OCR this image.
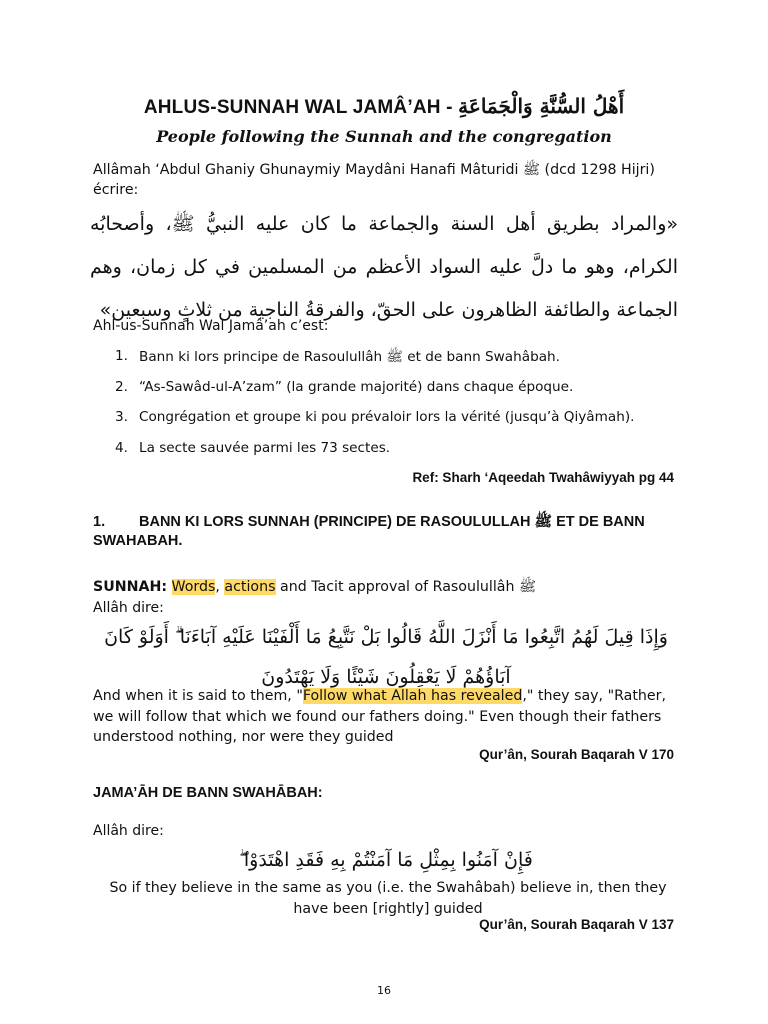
AHLUS-SUNNAH WAL JAMÂ’AH - أَهْلُ السُّنَّةِ وَالْجَمَاعَةِ
People following the Sunnah and the congregation
Allâmah ‘Abdul Ghaniy Ghunaymiy Maydâni Hanafi Mâturidi ﷺ (dcd 1298 Hijri) écrire:
«والمراد بطريق أهل السنة والجماعة ما كان عليه النبيُّ ﷺ، وأصحابُه الكرام، وهو ما دلَّ عليه السواد الأعظم من المسلمين في كل زمان، وهم الجماعة والطائفة الظاهرون على الحقّ، والفرقةُ الناجية من ثلاثٍ وسبعين»
Ahl-us-Sunnah Wal Jamâ’ah c’est:
1. Bann ki lors principe de Rasoulullâh ﷺ et de bann Swahâbah.
2. “As-Sawâd-ul-A’zam” (la grande majorité) dans chaque époque.
3. Congrégation et groupe ki pou prévaloir lors la vérité (jusqu’à Qiyâmah).
4. La secte sauvée parmi les 73 sectes.
Ref: Sharh ‘Aqeedah Twahâwiyyah pg 44
1. BANN KI LORS SUNNAH (PRINCIPE) DE RASOULULLAH ﷺ ET DE BANN SWAHABAH.
SUNNAH: Words, actions and Tacit approval of Rasoulullâh ﷺ
Allâh dire:
وَإِذَا قِيلَ لَهُمُ اتَّبِعُوا مَا أَنْزَلَ اللَّهُ قَالُوا بَلْ نَتَّبِعُ مَا أَلْفَيْنَا عَلَيْهِ آبَاءَنَا ۗ أَوَلَوْ كَانَ آبَاؤُهُمْ لَا يَعْقِلُونَ شَيْئًا وَلَا يَهْتَدُونَ
And when it is said to them, "Follow what Allah has revealed," they say, "Rather, we will follow that which we found our fathers doing." Even though their fathers understood nothing, nor were they guided
Qur’ân, Sourah Baqarah V 170
JAMA’ĀH DE BANN SWAHĀBAH:
Allâh dire:
فَإِنْ آمَنُوا بِمِثْلِ مَا آمَنْتُمْ بِهِ فَقَدِ اهْتَدَوْا ۖ
So if they believe in the same as you (i.e. the Swahâbah) believe in, then they have been [rightly] guided
Qur’ân, Sourah Baqarah V 137
16
